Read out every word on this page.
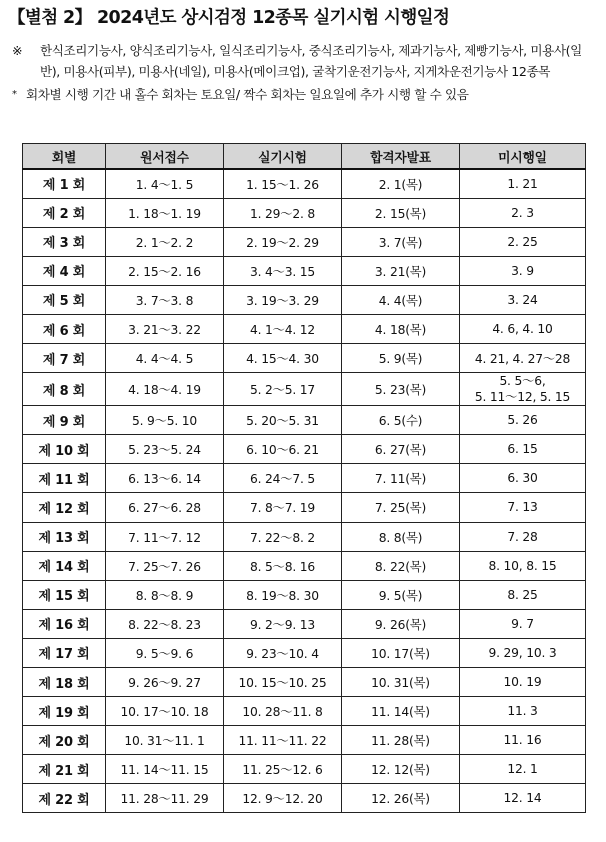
【별첨 2】 2024년도 상시검정 12종목 실기시험 시행일정
※	한식조리기능사, 양식조리기능사, 일식조리기능사, 중식조리기능사, 제과기능사, 제빵기능사, 미용사(일반), 미용사(피부), 미용사(네일), 미용사(메이크업), 굴착기운전기능사, 지게차운전기능사 12종목
* 회차별 시행 기간 내 홀수 회차는 토요일/ 짝수 회차는 일요일에 추가 시행 할 수 있음
회별	원서접수	실기시험	합격자발표	미시행일
제 1 회	1. 4～1. 5	1. 15～1. 26	2. 1(목)	1. 21
제 2 회	1. 18～1. 19	1. 29～2. 8	2. 15(목)	2. 3
제 3 회	2. 1～2. 2	2. 19～2. 29	3. 7(목)	2. 25
제 4 회	2. 15～2. 16	3. 4～3. 15	3. 21(목)	3. 9
제 5 회	3. 7～3. 8	3. 19～3. 29	4. 4(목)	3. 24
제 6 회	3. 21～3. 22	4. 1～4. 12	4. 18(목)	4. 6, 4. 10
제 7 회	4. 4～4. 5	4. 15～4. 30	5. 9(목)	4. 21, 4. 27～28
제 8 회	4. 18～4. 19	5. 2～5. 17	5. 23(목)	5. 5～6,
5. 11～12, 5. 15
제 9 회	5. 9～5. 10	5. 20～5. 31	6. 5(수)	5. 26
제 10 회	5. 23～5. 24	6. 10～6. 21	6. 27(목)	6. 15
제 11 회	6. 13～6. 14	6. 24～7. 5	7. 11(목)	6. 30
제 12 회	6. 27～6. 28	7. 8～7. 19	7. 25(목)	7. 13
제 13 회	7. 11～7. 12	7. 22～8. 2	8. 8(목)	7. 28
제 14 회	7. 25～7. 26	8. 5～8. 16	8. 22(목)	8. 10, 8. 15
제 15 회	8. 8～8. 9	8. 19～8. 30	9. 5(목)	8. 25
제 16 회	8. 22～8. 23	9. 2～9. 13	9. 26(목)	9. 7
제 17 회	9. 5～9. 6	9. 23～10. 4	10. 17(목)	9. 29, 10. 3
제 18 회	9. 26～9. 27	10. 15～10. 25	10. 31(목)	10. 19
제 19 회	10. 17～10. 18	10. 28～11. 8	11. 14(목)	11. 3
제 20 회	10. 31～11. 1	11. 11～11. 22	11. 28(목)	11. 16
제 21 회	11. 14～11. 15	11. 25～12. 6	12. 12(목)	12. 1
제 22 회	11. 28～11. 29	12. 9～12. 20	12. 26(목)	12. 14
